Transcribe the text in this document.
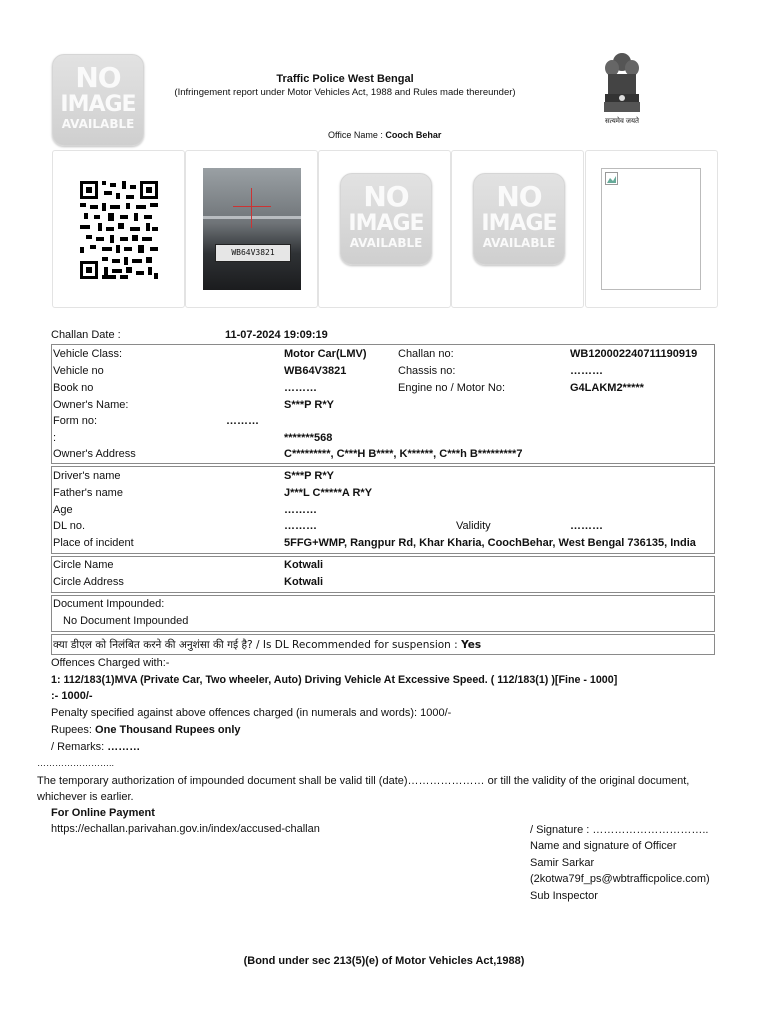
NO
IMAGE
AVAILABLE
Traffic Police West Bengal
(Infringement report under Motor Vehicles Act, 1988 and Rules made thereunder)
सत्यमेव जयते
Office Name : Cooch Behar
WB64V3821
NO
IMAGE
AVAILABLE
NO
IMAGE
AVAILABLE
Challan Date :	11-07-2024 19:09:19
Vehicle Class:	Motor Car(LMV)	Challan no:	WB120002240711190919
Vehicle no	WB64V3821	Chassis no:	………
Book no	………	Engine no / Motor No:	G4LAKM2*****
Owner's Name:	S***P R*Y
Form no:	………
:	*******568
Owner's Address	C*********, C***H B****, K******, C***h B*********7
Driver's name	S***P R*Y
Father's name	J***L C*****A R*Y
Age	………
DL no.	………	Validity	………
Place of incident	5FFG+WMP, Rangpur Rd, Khar Kharia, CoochBehar, West Bengal 736135, India
Circle Name	Kotwali
Circle Address	Kotwali
Document Impounded:
No Document Impounded
क्या डीएल को निलंबित करने की अनुशंसा की गई है? / Is DL Recommended for suspension : Yes
Offences Charged with:-
1: 112/183(1)MVA (Private Car, Two wheeler, Auto) Driving Vehicle At Excessive Speed. ( 112/183(1) )[Fine - 1000]
:- 1000/-
Penalty specified against above offences charged (in numerals and words): 1000/-
Rupees: One Thousand Rupees only
/ Remarks: ………
……………………..
The temporary authorization of impounded document shall be valid till (date)………………… or till the validity of the original document, whichever is earlier.
For Online Payment
https://echallan.parivahan.gov.in/index/accused-challan	/ Signature : …………………………..
Name and signature of Officer
Samir Sarkar
(2kotwa79f_ps@wbtrafficpolice.com)
Sub Inspector
(Bond under sec 213(5)(e) of Motor Vehicles Act,1988)
